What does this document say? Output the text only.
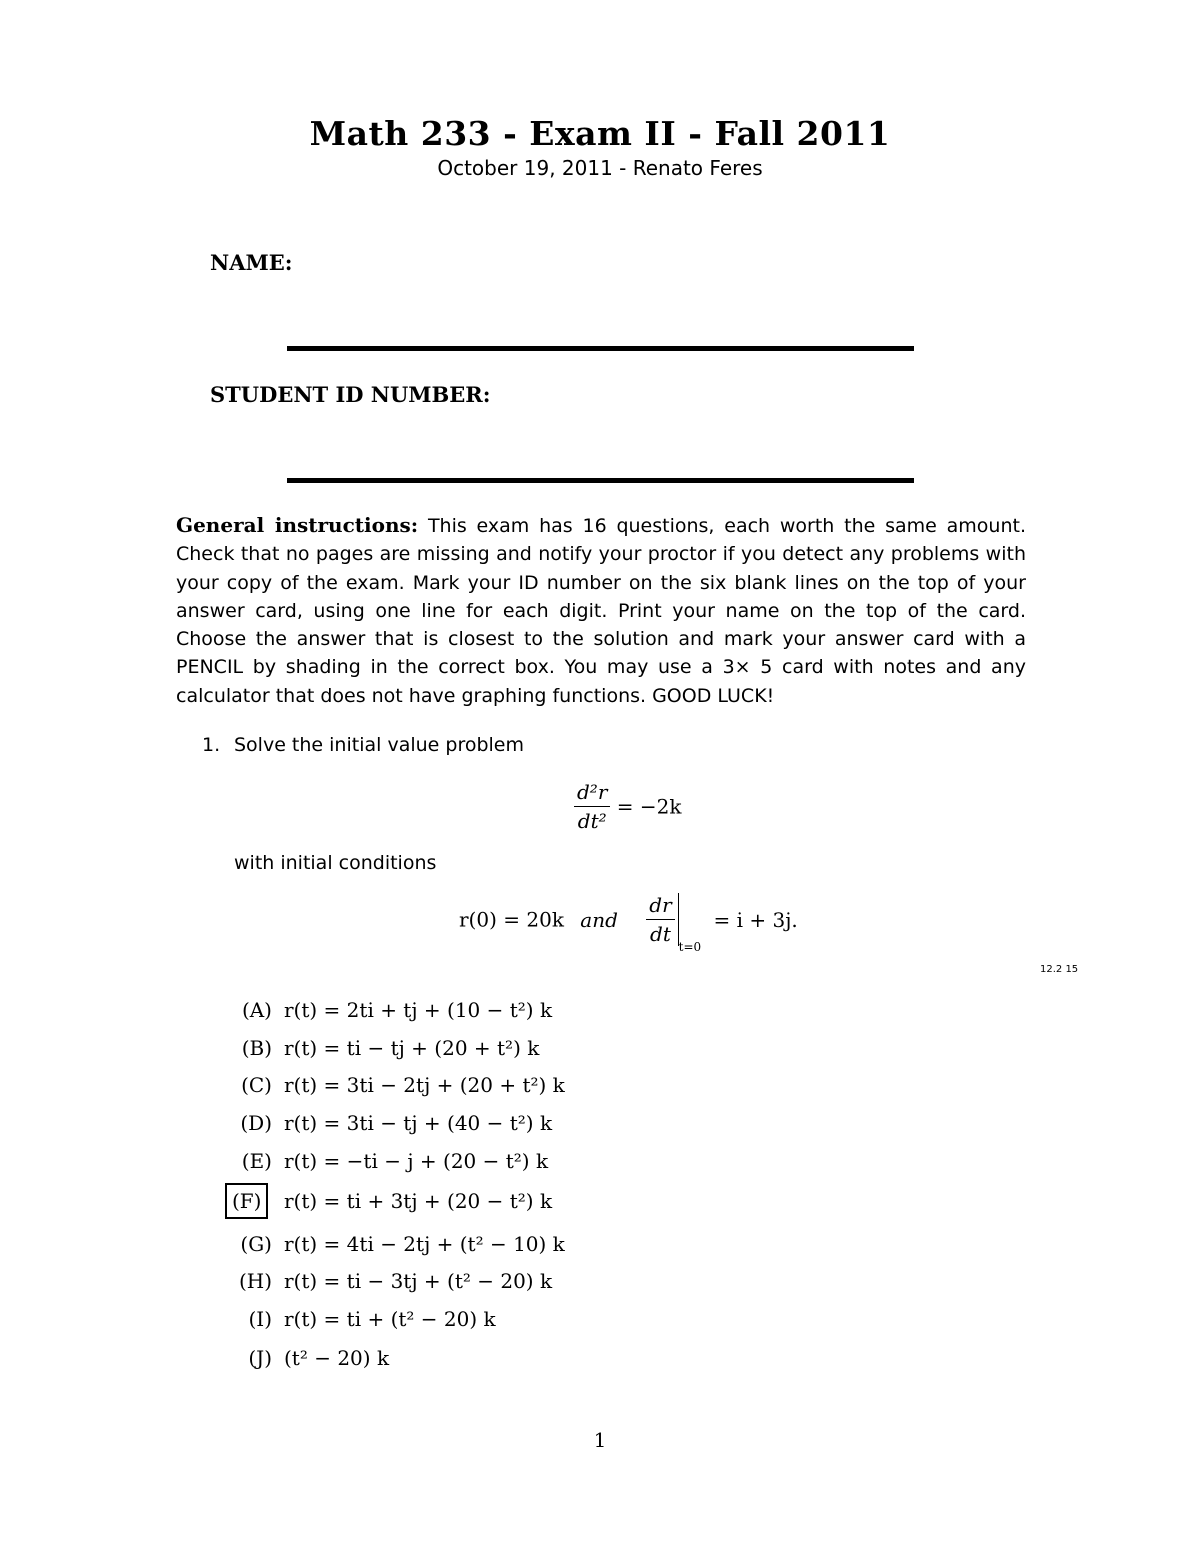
Math 233 - Exam II - Fall 2011
October 19, 2011 - Renato Feres
NAME:
STUDENT ID NUMBER:
General instructions: This exam has 16 questions, each worth the same amount. Check that no pages are missing and notify your proctor if you detect any problems with your copy of the exam. Mark your ID number on the six blank lines on the top of your answer card, using one line for each digit. Print your name on the top of the card. Choose the answer that is closest to the solution and mark your answer card with a PENCIL by shading in the correct box. You may use a 3× 5 card with notes and any calculator that does not have graphing functions. GOOD LUCK!
1. Solve the initial value problem
$\frac{\text{d²r}}{\text{dt²}} = -2k$
with initial conditions
r(0) = 20k and $\frac{dr}{dt}$
$_{t=0}$ = i + 3j.
12.2 15
(A) r(t) = 2ti + tj + (10 − t²) k
(B) r(t) = ti − tj + (20 + t²) k
(C) r(t) = 3ti − 2tj + (20 + t²) k
(D) r(t) = 3ti − tj + (40 − t²) k
(E) r(t) = −ti − j + (20 − t²) k
(F)	r(t) = ti + 3tj + (20 − t²) k
(G) r(t) = 4ti − 2tj + (t² − 10) k
(H) r(t) = ti − 3tj + (t² − 20) k
(I) r(t) = ti + (t² − 20) k
(J) (t² − 20) k
1
